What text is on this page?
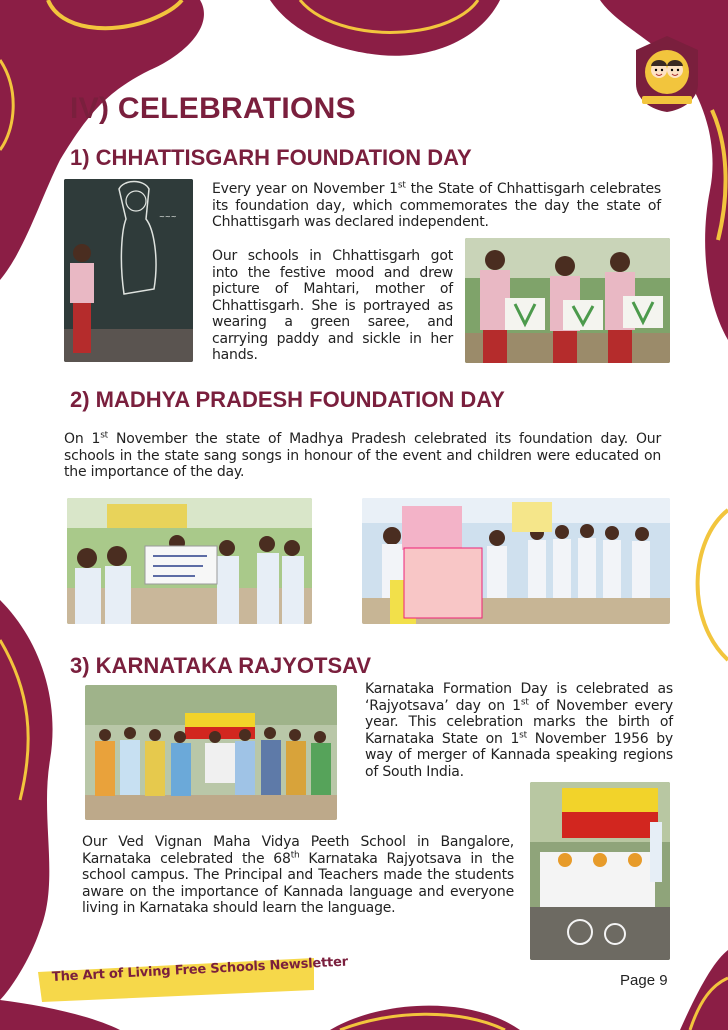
IV) CELEBRATIONS
1) CHHATTISGARH FOUNDATION DAY
~~~
Every year on November 1st the State of Chhattisgarh celebrates its foundation day, which commemorates the day the state of Chhattisgarh was declared independent.
Our schools in Chhattisgarh got into the festive mood and drew picture of Mahtari, mother of Chhattisgarh. She is portrayed as wearing a green saree, and carrying paddy and sickle in her hands.
2) MADHYA PRADESH FOUNDATION DAY
On 1st November the state of Madhya Pradesh celebrated its foundation day. Our schools in the state sang songs in honour of the event and children were educated on the importance of the day.
3) KARNATAKA RAJYOTSAV
Karnataka Formation Day is celebrated as ‘Rajyotsava’ day on 1st of November every year. This celebration marks the birth of Karnataka State on 1st November 1956 by way of merger of Kannada speaking regions of South India.
Our Ved Vignan Maha Vidya Peeth School in Bangalore, Karnataka celebrated the 68th Karnataka Rajyotsava in the school campus. The Principal and Teachers made the students aware on the importance of Kannada language and everyone living in Karnataka should learn the language.
The Art of Living Free Schools Newsletter	Page 9
